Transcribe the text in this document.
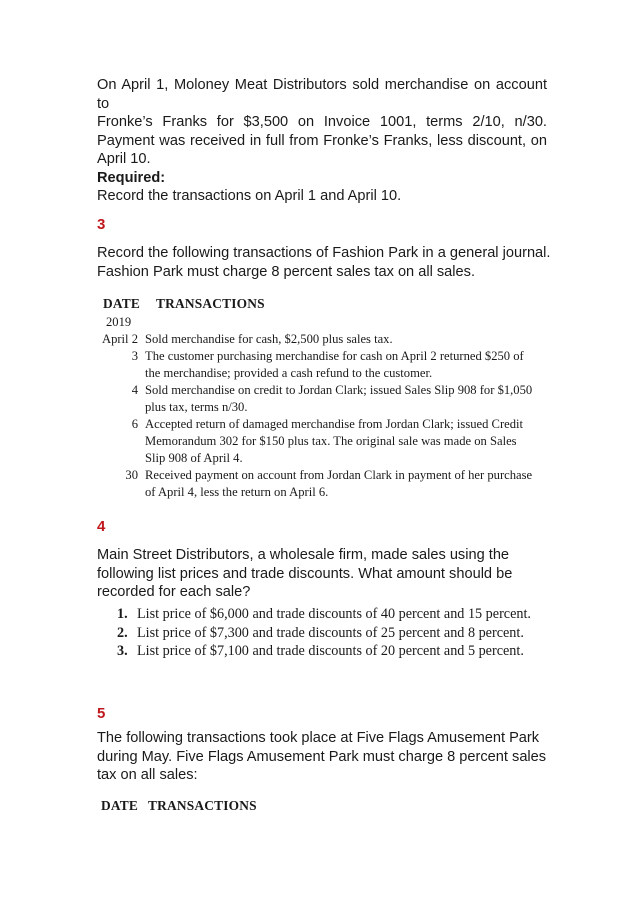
On April 1, Moloney Meat Distributors sold merchandise on account to
Fronke’s Franks for $3,500 on Invoice 1001, terms 2/10, n/30.
Payment was received in full from Fronke’s Franks, less discount, on
April 10.
Required:
Record the transactions on April 1 and April 10.
3
Record the following transactions of Fashion Park in a general journal.
Fashion Park must charge 8 percent sales tax on all sales.
DATE TRANSACTIONS
2019
April 2 Sold merchandise for cash, $2,500 plus sales tax.
3 The customer purchasing merchandise for cash on April 2 returned $250 of
the merchandise; provided a cash refund to the customer.
4 Sold merchandise on credit to Jordan Clark; issued Sales Slip 908 for $1,050
plus tax, terms n/30.
6 Accepted return of damaged merchandise from Jordan Clark; issued Credit
Memorandum 302 for $150 plus tax. The original sale was made on Sales
Slip 908 of April 4.
30 Received payment on account from Jordan Clark in payment of her purchase
of April 4, less the return on April 6.
4
Main Street Distributors, a wholesale firm, made sales using the
following list prices and trade discounts. What amount should be
recorded for each sale?
1. List price of $6,000 and trade discounts of 40 percent and 15 percent.
2. List price of $7,300 and trade discounts of 25 percent and 8 percent.
3. List price of $7,100 and trade discounts of 20 percent and 5 percent.
5
The following transactions took place at Five Flags Amusement Park
during May. Five Flags Amusement Park must charge 8 percent sales
tax on all sales:
DATE TRANSACTIONS
